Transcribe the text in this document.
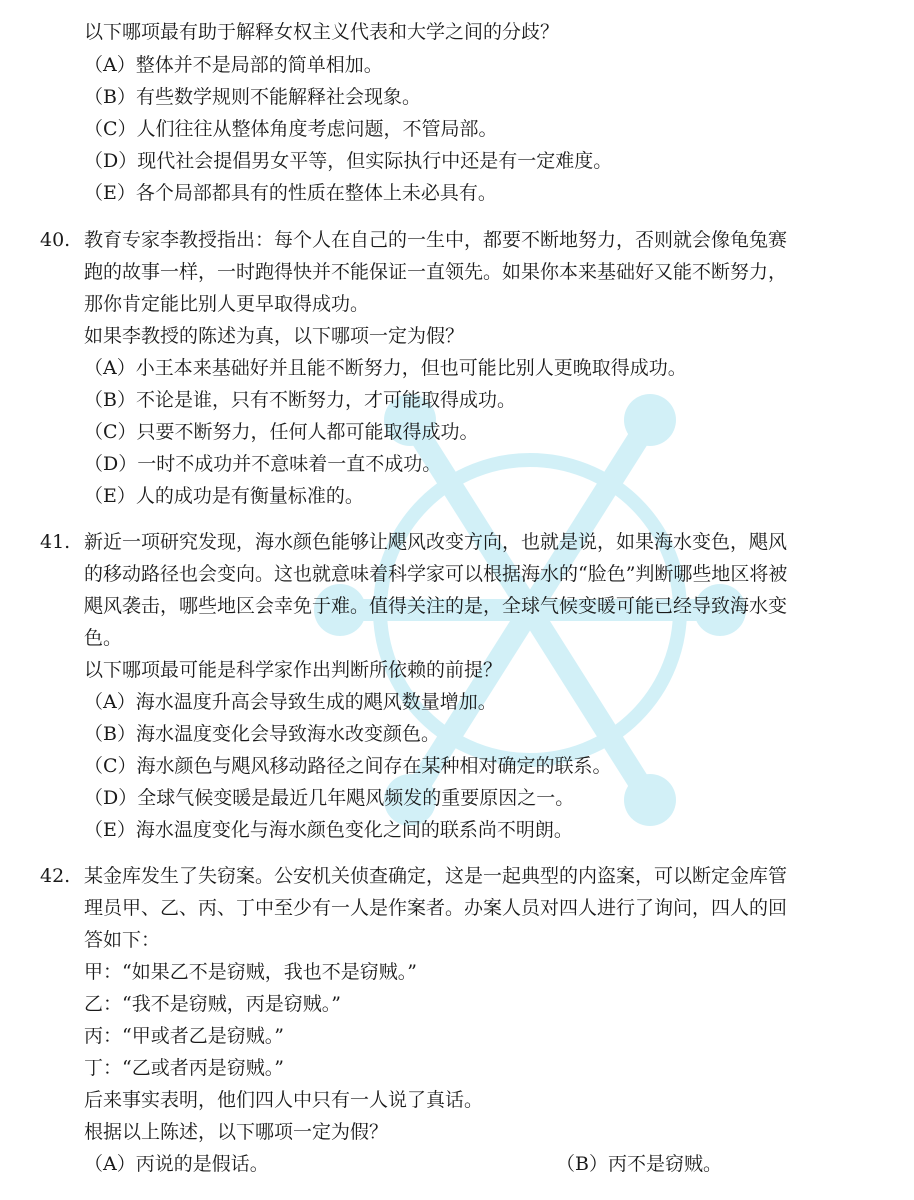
以下哪项最有助于解释女权主义代表和大学之间的分歧？
（A）整体并不是局部的简单相加。
（B）有些数学规则不能解释社会现象。
（C）人们往往从整体角度考虑问题，不管局部。
（D）现代社会提倡男女平等，但实际执行中还是有一定难度。
（E）各个局部都具有的性质在整体上未必具有。
40. 教育专家李教授指出：每个人在自己的一生中，都要不断地努力，否则就会像龟兔赛
跑的故事一样，一时跑得快并不能保证一直领先。如果你本来基础好又能不断努力，
那你肯定能比别人更早取得成功。
如果李教授的陈述为真，以下哪项一定为假？
（A）小王本来基础好并且能不断努力，但也可能比别人更晚取得成功。
（B）不论是谁，只有不断努力，才可能取得成功。
（C）只要不断努力，任何人都可能取得成功。
（D）一时不成功并不意味着一直不成功。
（E）人的成功是有衡量标准的。
41. 新近一项研究发现，海水颜色能够让飓风改变方向，也就是说，如果海水变色，飓风
的移动路径也会变向。这也就意味着科学家可以根据海水的“脸色”判断哪些地区将被
飓风袭击，哪些地区会幸免于难。值得关注的是，全球气候变暖可能已经导致海水变
色。
以下哪项最可能是科学家作出判断所依赖的前提？
（A）海水温度升高会导致生成的飓风数量增加。
（B）海水温度变化会导致海水改变颜色。
（C）海水颜色与飓风移动路径之间存在某种相对确定的联系。
（D）全球气候变暖是最近几年飓风频发的重要原因之一。
（E）海水温度变化与海水颜色变化之间的联系尚不明朗。
42. 某金库发生了失窃案。公安机关侦查确定，这是一起典型的内盗案，可以断定金库管
理员甲、乙、丙、丁中至少有一人是作案者。办案人员对四人进行了询问，四人的回
答如下：
甲：“如果乙不是窃贼，我也不是窃贼。”
乙：“我不是窃贼，丙是窃贼。”
丙：“甲或者乙是窃贼。”
丁：“乙或者丙是窃贼。”
后来事实表明，他们四人中只有一人说了真话。
根据以上陈述，以下哪项一定为假？
（A）丙说的是假话。	（B）丙不是窃贼。
